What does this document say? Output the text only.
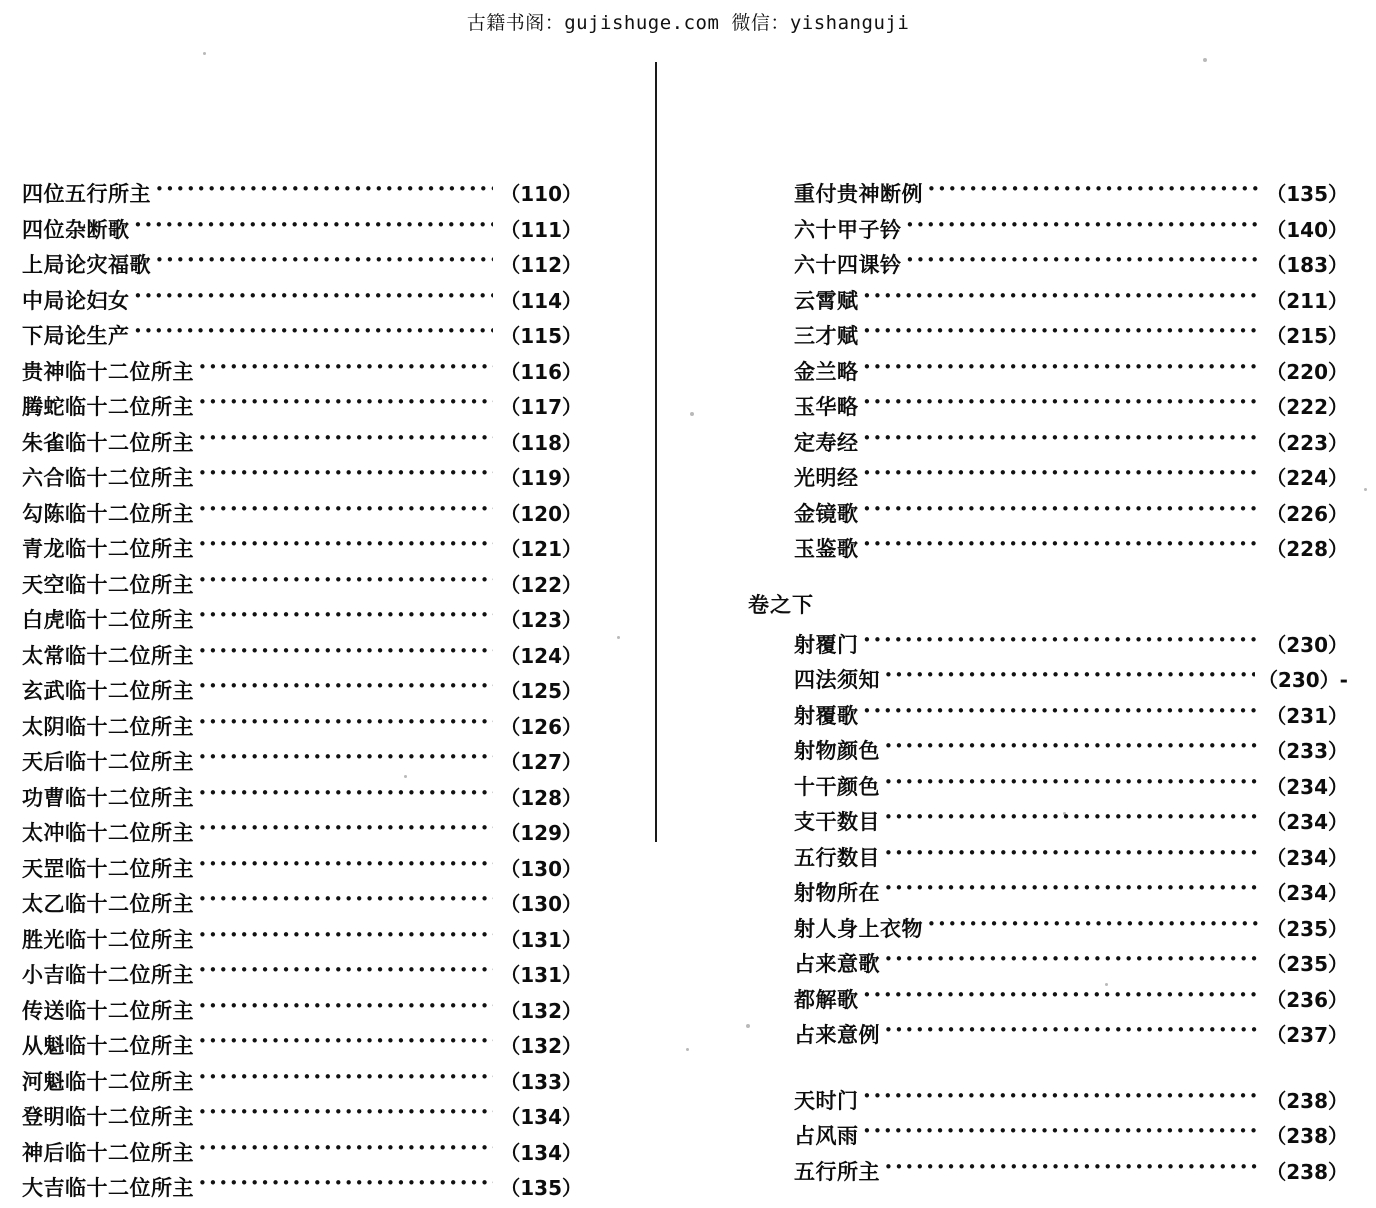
古籍书阁：gujishuge.com 微信：yishanguji
四位五行所主 •••••	（110）
四位杂断歌 •••••	（111）
上局论灾福歌 •••••	（112）
中局论妇女 •••••	（114）
下局论生产 •••••	（115）
贵神临十二位所主 •••••	（116）
腾蛇临十二位所主 •••••	（117）
朱雀临十二位所主 •••••	（118）
六合临十二位所主 •••••	（119）
勾陈临十二位所主 •••••	（120）
青龙临十二位所主 •••••	（121）
天空临十二位所主 •••••	（122）
白虎临十二位所主 •••••	（123）
太常临十二位所主 •••••	（124）
玄武临十二位所主 •••••	（125）
太阴临十二位所主 •••••	（126）
天后临十二位所主 •••••	（127）
功曹临十二位所主 •••••	（128）
太冲临十二位所主 •••••	（129）
天罡临十二位所主 •••••	（130）
太乙临十二位所主 •••••	（130）
胜光临十二位所主 •••••	（131）
小吉临十二位所主 •••••	（131）
传送临十二位所主 •••••	（132）
从魁临十二位所主 •••••	（132）
河魁临十二位所主 •••••	（133）
登明临十二位所主 •••••	（134）
神后临十二位所主 •••••	（134）
大吉临十二位所主 •••••	（135）
重付贵神断例 •••••	（135）
六十甲子钤 •••••	（140）
六十四课钤 •••••	（183）
云霄赋 •••••	（211）
三才赋 •••••	（215）
金兰略 •••••	（220）
玉华略 •••••	（222）
定寿经 •••••	（223）
光明经 •••••	（224）
金镜歌 •••••	（226）
玉鉴歌 •••••	（228）
卷之下
射覆门 •••••	（230）
四法须知 •••••	（230）-
射覆歌 •••••	（231）
射物颜色 •••••	（233）
十干颜色 •••••	（234）
支干数目 •••••	（234）
五行数目 •••••	（234）
射物所在 •••••	（234）
射人身上衣物 •••••	（235）
占来意歌 •••••	（235）
都解歌 •••••	（236）
占来意例 •••••	（237）
天时门 •••••	（238）
占风雨 •••••	（238）
五行所主 •••••	（238）
